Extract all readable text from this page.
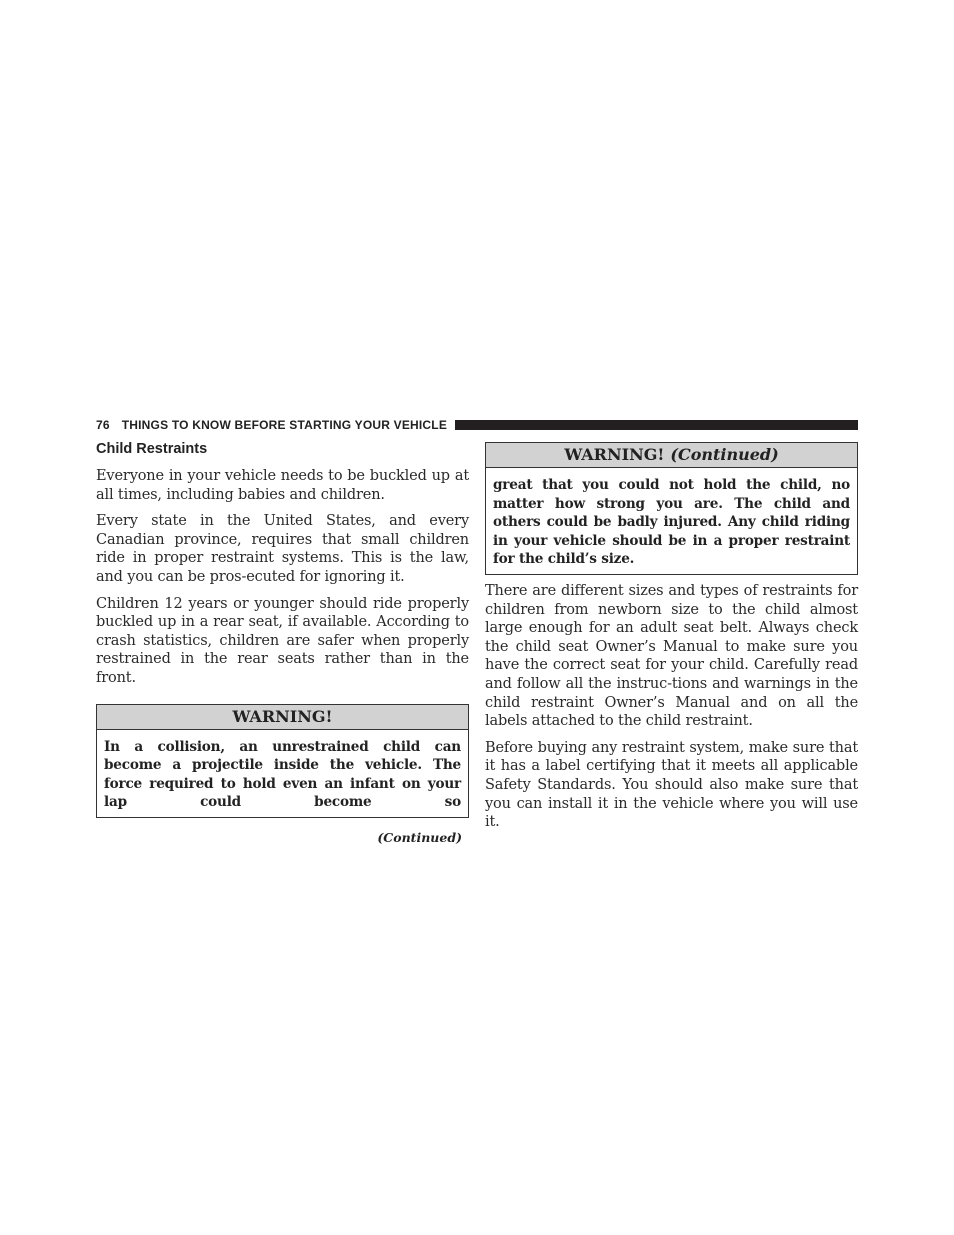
76 THINGS TO KNOW BEFORE STARTING YOUR VEHICLE
Child Restraints

Everyone in your vehicle needs to be buckled up at all times, including babies and children.

Every state in the United States, and every Canadian province, requires that small children ride in proper restraint systems. This is the law, and you can be pros-ecuted for ignoring it.

Children 12 years or younger should ride properly buckled up in a rear seat, if available. According to crash statistics, children are safer when properly restrained in the rear seats rather than in the front.

WARNING!
In a collision, an unrestrained child can become a projectile inside the vehicle. The force required to hold even an infant on your lap could become so
(Continued)
WARNING! (Continued)
great that you could not hold the child, no matter how strong you are. The child and others could be badly injured. Any child riding in your vehicle should be in a proper restraint for the child’s size.

There are different sizes and types of restraints for children from newborn size to the child almost large enough for an adult seat belt. Always check the child seat Owner’s Manual to make sure you have the correct seat for your child. Carefully read and follow all the instruc-tions and warnings in the child restraint Owner’s Manual and on all the labels attached to the child restraint.

Before buying any restraint system, make sure that it has a label certifying that it meets all applicable Safety Standards. You should also make sure that you can install it in the vehicle where you will use it.
